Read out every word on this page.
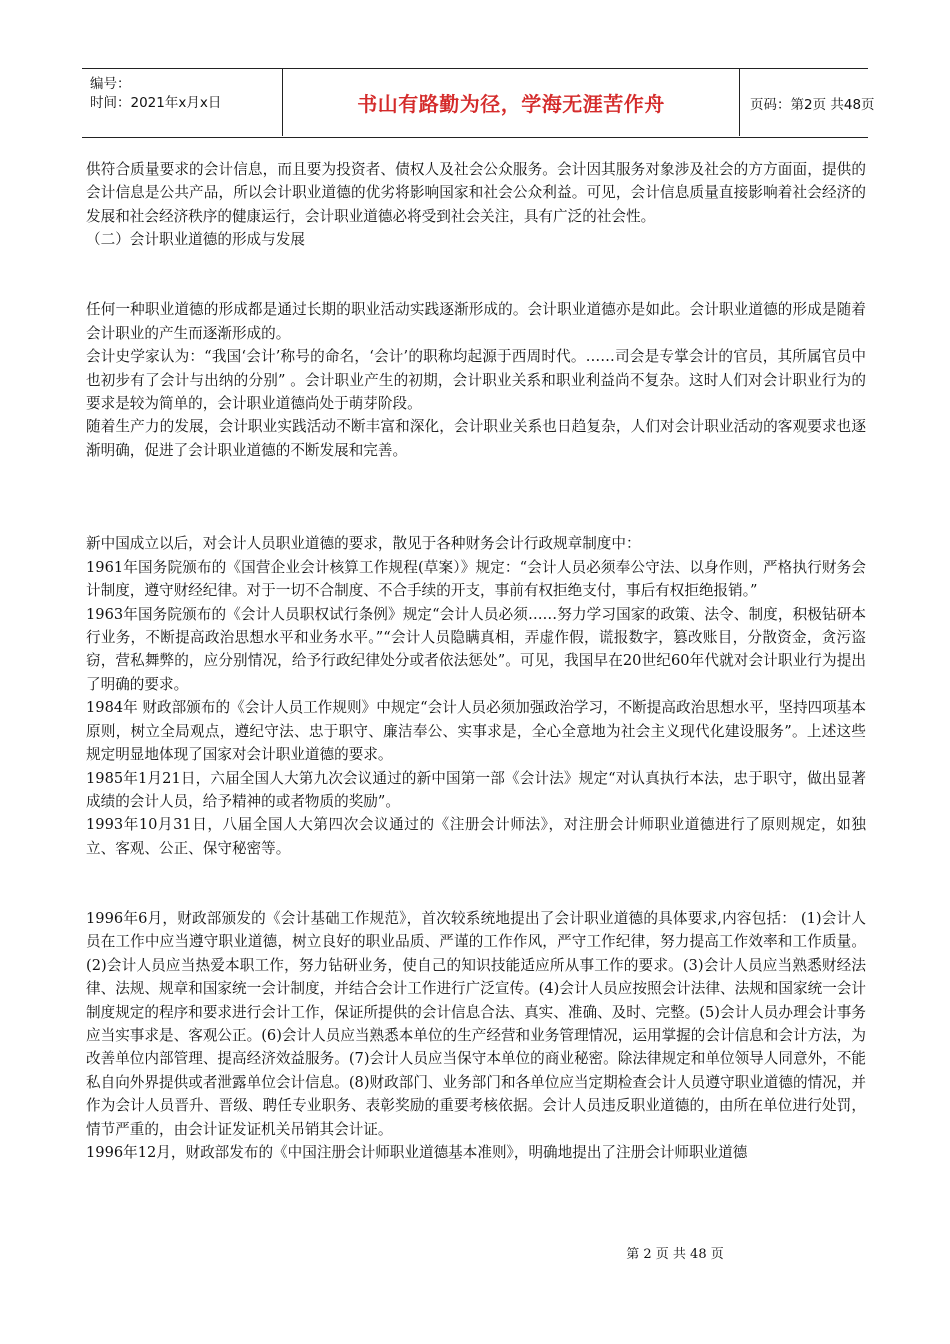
编号：
时间：2021年x月x日	书山有路勤为径，学海无涯苦作舟	页码：第2页 共48页

供符合质量要求的会计信息，而且要为投资者、债权人及社会公众服务。会计因其服务对象涉及社会的方方面面，提供的会计信息是公共产品，所以会计职业道德的优劣将影响国家和社会公众利益。可见，会计信息质量直接影响着社会经济的发展和社会经济秩序的健康运行，会计职业道德必将受到社会关注，具有广泛的社会性。

（二）会计职业道德的形成与发展

任何一种职业道德的形成都是通过长期的职业活动实践逐渐形成的。会计职业道德亦是如此。会计职业道德的形成是随着会计职业的产生而逐渐形成的。

会计史学家认为：“我国‘会计’称号的命名，‘会计’的职称均起源于西周时代。……司会是专掌会计的官员，其所属官员中也初步有了会计与出纳的分别” 。会计职业产生的初期，会计职业关系和职业利益尚不复杂。这时人们对会计职业行为的要求是较为简单的，会计职业道德尚处于萌芽阶段。

随着生产力的发展，会计职业实践活动不断丰富和深化，会计职业关系也日趋复杂，人们对会计职业活动的客观要求也逐渐明确，促进了会计职业道德的不断发展和完善。

新中国成立以后，对会计人员职业道德的要求，散见于各种财务会计行政规章制度中：

1961年国务院颁布的《国营企业会计核算工作规程(草案）》规定：“会计人员必须奉公守法、以身作则，严格执行财务会计制度，遵守财经纪律。对于一切不合制度、不合手续的开支，事前有权拒绝支付，事后有权拒绝报销。”

1963年国务院颁布的《会计人员职权试行条例》规定“会计人员必须……努力学习国家的政策、法令、制度，积极钻研本行业务，不断提高政治思想水平和业务水平。”“会计人员隐瞒真相，弄虚作假，谎报数字，篡改账目，分散资金，贪污盗窃，营私舞弊的，应分别情况，给予行政纪律处分或者依法惩处”。可见，我国早在20世纪60年代就对会计职业行为提出了明确的要求。

1984年 财政部颁布的《会计人员工作规则》中规定“会计人员必须加强政治学习，不断提高政治思想水平，坚持四项基本原则，树立全局观点，遵纪守法、忠于职守、廉洁奉公、实事求是，全心全意地为社会主义现代化建设服务”。上述这些规定明显地体现了国家对会计职业道德的要求。

1985年1月21日，六届全国人大第九次会议通过的新中国第一部《会计法》规定“对认真执行本法，忠于职守，做出显著成绩的会计人员，给予精神的或者物质的奖励”。

1993年10月31日，八届全国人大第四次会议通过的《注册会计师法》，对注册会计师职业道德进行了原则规定，如独立、客观、公正、保守秘密等。

1996年6月，财政部颁发的《会计基础工作规范》，首次较系统地提出了会计职业道德的具体要求,内容包括： (1)会计人员在工作中应当遵守职业道德，树立良好的职业品质、严谨的工作作风，严守工作纪律，努力提高工作效率和工作质量。(2)会计人员应当热爱本职工作，努力钻研业务，使自己的知识技能适应所从事工作的要求。(3)会计人员应当熟悉财经法律、法规、规章和国家统一会计制度，并结合会计工作进行广泛宣传。(4)会计人员应按照会计法律、法规和国家统一会计制度规定的程序和要求进行会计工作，保证所提供的会计信息合法、真实、准确、及时、完整。(5)会计人员办理会计事务应当实事求是、客观公正。(6)会计人员应当熟悉本单位的生产经营和业务管理情况，运用掌握的会计信息和会计方法，为改善单位内部管理、提高经济效益服务。(7)会计人员应当保守本单位的商业秘密。除法律规定和单位领导人同意外，不能私自向外界提供或者泄露单位会计信息。(8)财政部门、业务部门和各单位应当定期检查会计人员遵守职业道德的情况，并作为会计人员晋升、晋级、聘任专业职务、表彰奖励的重要考核依据。会计人员违反职业道德的，由所在单位进行处罚，情节严重的，由会计证发证机关吊销其会计证。

1996年12月，财政部发布的《中国注册会计师职业道德基本准则》，明确地提出了注册会计师职业道德

第 2 页 共 48 页
